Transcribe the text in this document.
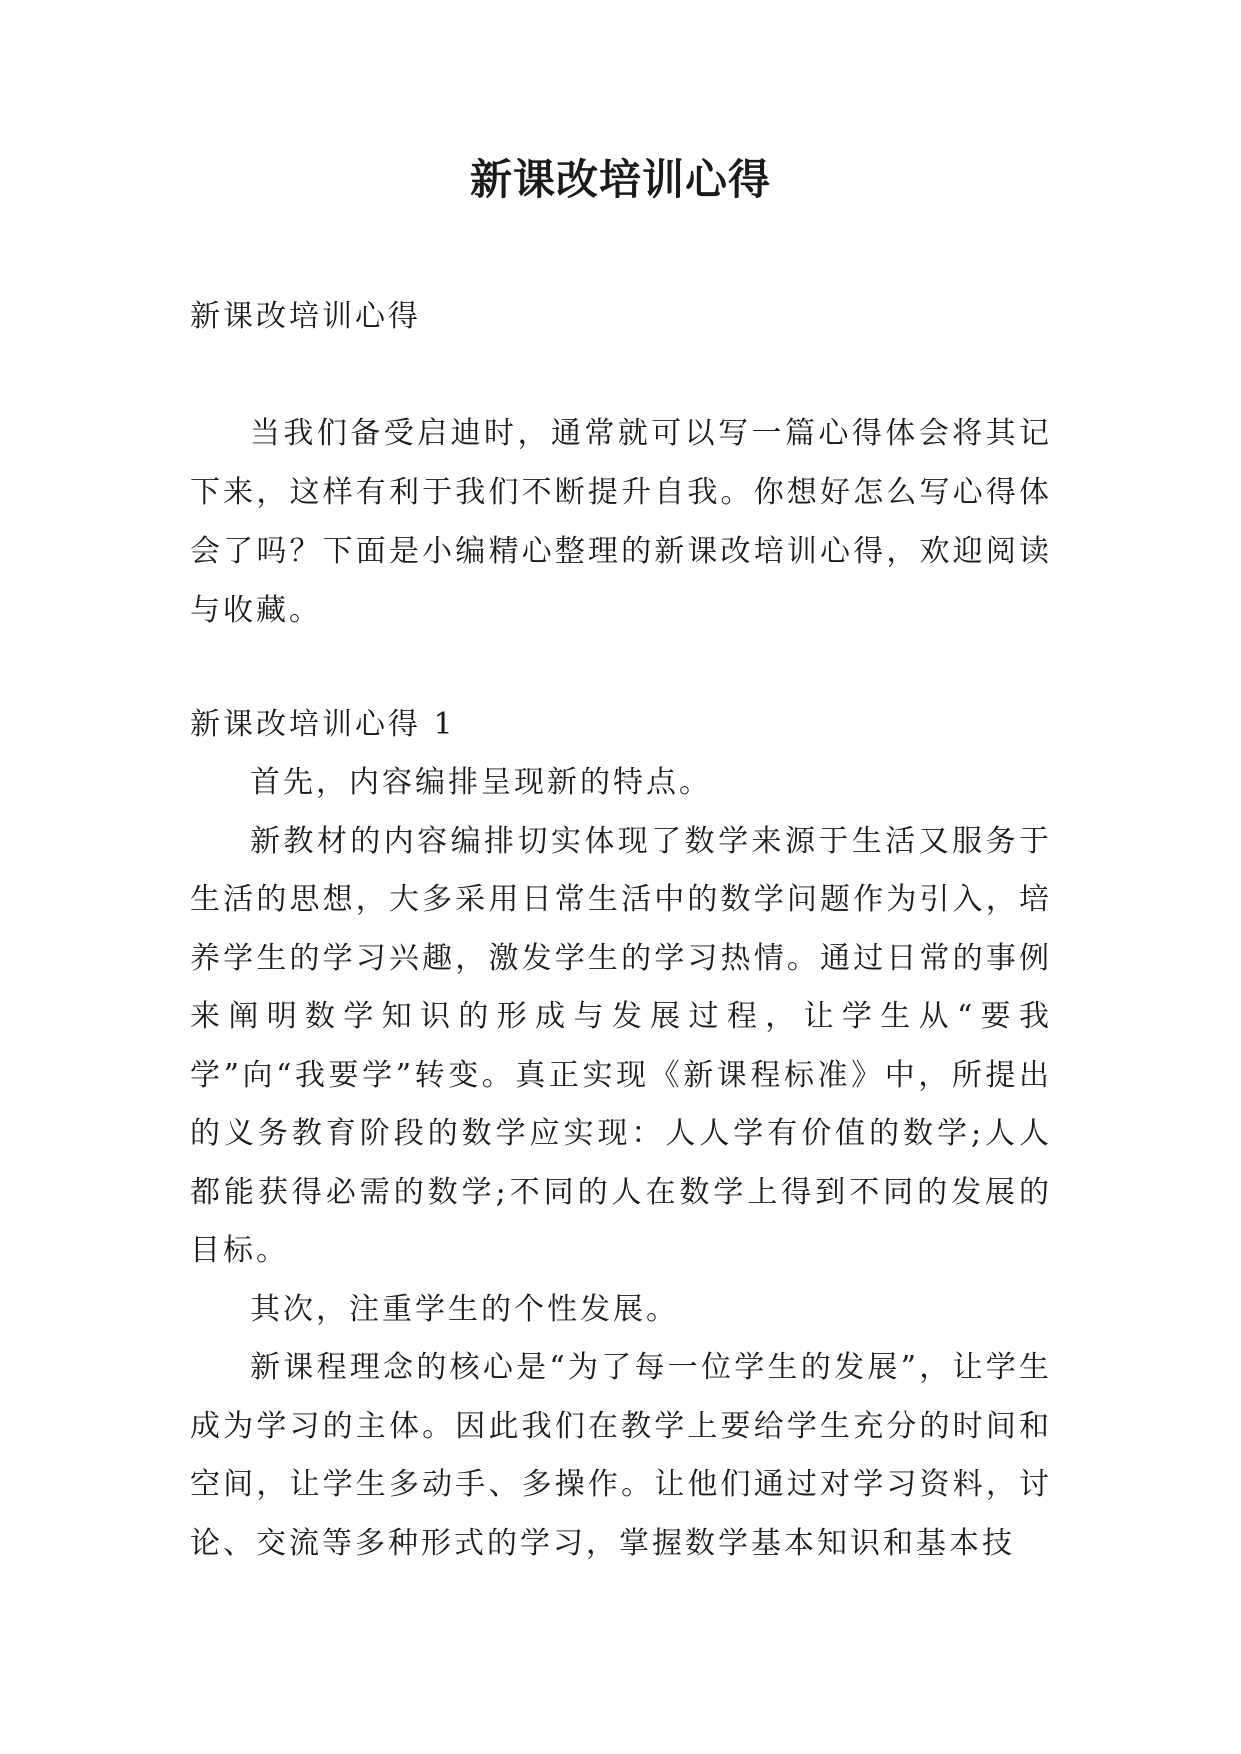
新课改培训心得

新课改培训心得

当我们备受启迪时，通常就可以写一篇心得体会将其记下来，这样有利于我们不断提升自我。你想好怎么写心得体会了吗？下面是小编精心整理的新课改培训心得，欢迎阅读与收藏。

新课改培训心得 1

首先，内容编排呈现新的特点。

新教材的内容编排切实体现了数学来源于生活又服务于生活的思想，大多采用日常生活中的数学问题作为引入，培养学生的学习兴趣，激发学生的学习热情。通过日常的事例来阐明数学知识的形成与发展过程，让学生从“要我学”向“我要学”转变。真正实现《新课程标准》中，所提出的义务教育阶段的数学应实现：人人学有价值的数学;人人都能获得必需的数学;不同的人在数学上得到不同的发展的目标。

其次，注重学生的个性发展。

新课程理念的核心是“为了每一位学生的发展”，让学生成为学习的主体。因此我们在教学上要给学生充分的时间和空间，让学生多动手、多操作。让他们通过对学习资料，讨论、交流等多种形式的学习，掌握数学基本知识和基本技
